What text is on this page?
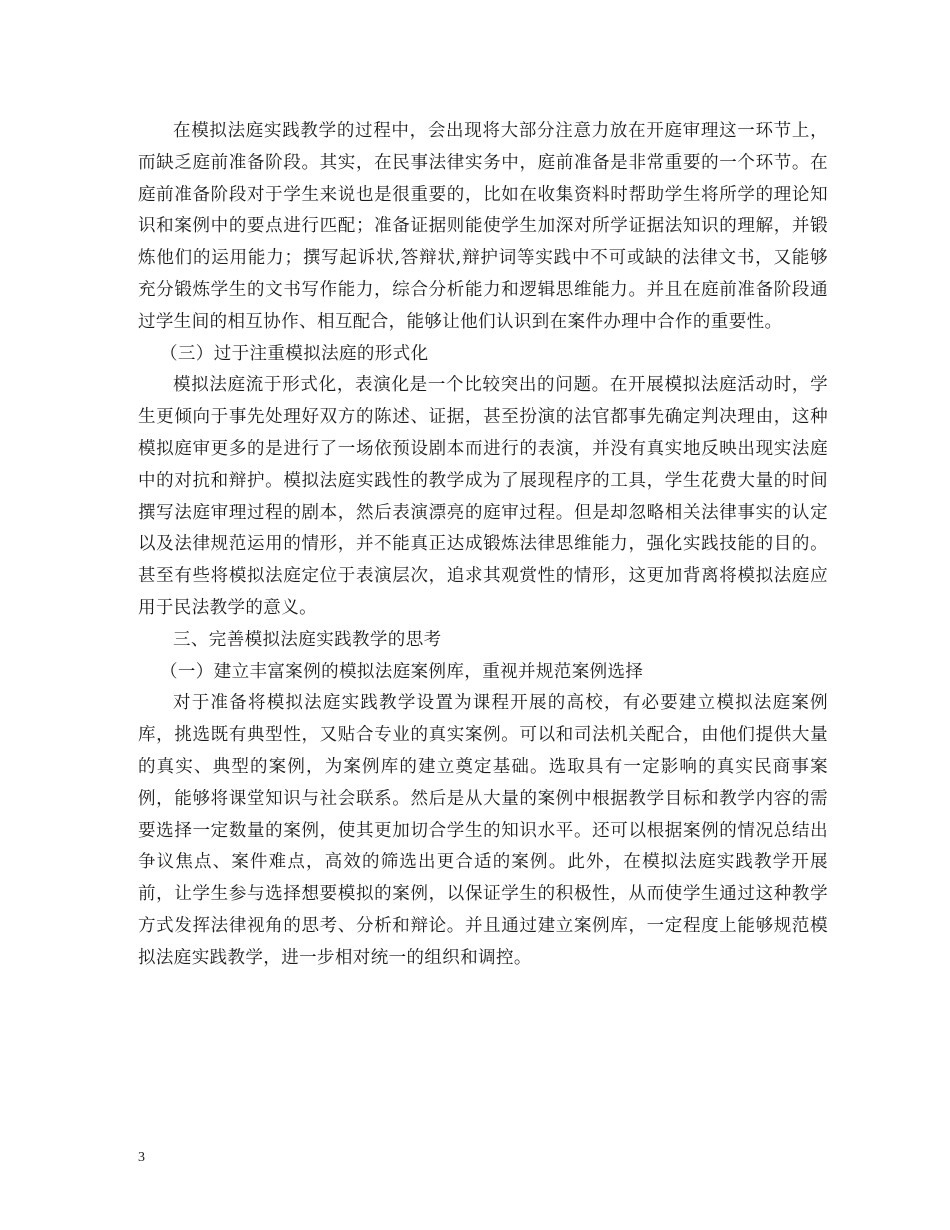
在模拟法庭实践教学的过程中，会出现将大部分注意力放在开庭审理这一环节上，而缺乏庭前准备阶段。其实，在民事法律实务中，庭前准备是非常重要的一个环节。在庭前准备阶段对于学生来说也是很重要的，比如在收集资料时帮助学生将所学的理论知识和案例中的要点进行匹配；准备证据则能使学生加深对所学证据法知识的理解，并锻炼他们的运用能力；撰写起诉状,答辩状,辩护词等实践中不可或缺的法律文书，又能够充分锻炼学生的文书写作能力，综合分析能力和逻辑思维能力。并且在庭前准备阶段通过学生间的相互协作、相互配合，能够让他们认识到在案件办理中合作的重要性。

（三）过于注重模拟法庭的形式化

模拟法庭流于形式化，表演化是一个比较突出的问题。在开展模拟法庭活动时，学生更倾向于事先处理好双方的陈述、证据，甚至扮演的法官都事先确定判决理由，这种模拟庭审更多的是进行了一场依预设剧本而进行的表演，并没有真实地反映出现实法庭中的对抗和辩护。模拟法庭实践性的教学成为了展现程序的工具，学生花费大量的时间撰写法庭审理过程的剧本，然后表演漂亮的庭审过程。但是却忽略相关法律事实的认定以及法律规范运用的情形，并不能真正达成锻炼法律思维能力，强化实践技能的目的。甚至有些将模拟法庭定位于表演层次，追求其观赏性的情形，这更加背离将模拟法庭应用于民法教学的意义。

三、完善模拟法庭实践教学的思考

（一）建立丰富案例的模拟法庭案例库，重视并规范案例选择

对于准备将模拟法庭实践教学设置为课程开展的高校，有必要建立模拟法庭案例库，挑选既有典型性，又贴合专业的真实案例。可以和司法机关配合，由他们提供大量的真实、典型的案例，为案例库的建立奠定基础。选取具有一定影响的真实民商事案例，能够将课堂知识与社会联系。然后是从大量的案例中根据教学目标和教学内容的需要选择一定数量的案例，使其更加切合学生的知识水平。还可以根据案例的情况总结出争议焦点、案件难点，高效的筛选出更合适的案例。此外，在模拟法庭实践教学开展前，让学生参与选择想要模拟的案例，以保证学生的积极性，从而使学生通过这种教学方式发挥法律视角的思考、分析和辩论。并且通过建立案例库，一定程度上能够规范模拟法庭实践教学，进一步相对统一的组织和调控。

3
